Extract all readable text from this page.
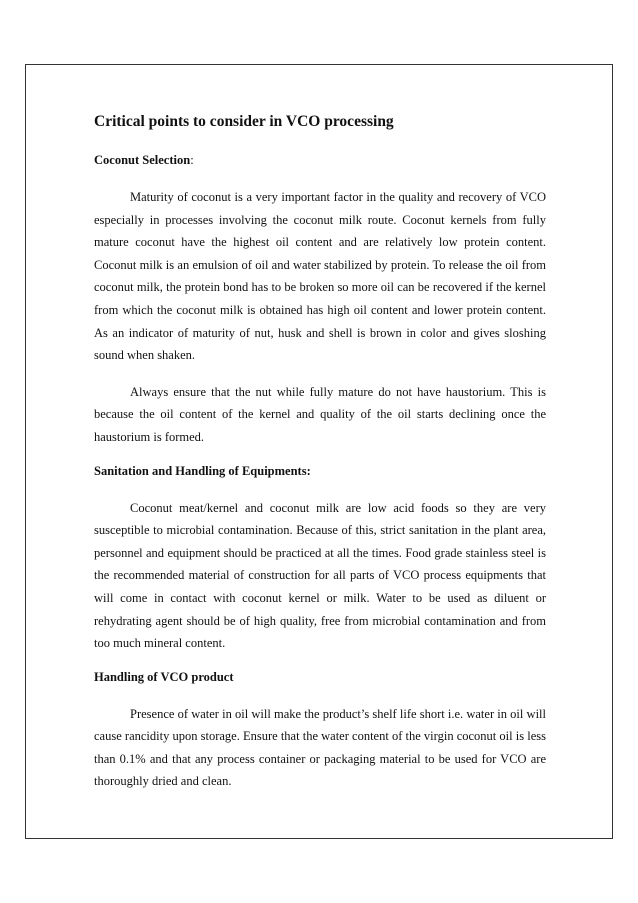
Critical points to consider in VCO processing

Coconut Selection:

Maturity of coconut is a very important factor in the quality and recovery of VCO especially in processes involving the coconut milk route. Coconut kernels from fully mature coconut have the highest oil content and are relatively low protein content. Coconut milk is an emulsion of oil and water stabilized by protein. To release the oil from coconut milk, the protein bond has to be broken so more oil can be recovered if the kernel from which the coconut milk is obtained has high oil content and lower protein content. As an indicator of maturity of nut, husk and shell is brown in color and gives sloshing sound when shaken.

Always ensure that the nut while fully mature do not have haustorium. This is because the oil content of the kernel and quality of the oil starts declining once the haustorium is formed.

Sanitation and Handling of Equipments:

Coconut meat/kernel and coconut milk are low acid foods so they are very susceptible to microbial contamination. Because of this, strict sanitation in the plant area, personnel and equipment should be practiced at all the times. Food grade stainless steel is the recommended material of construction for all parts of VCO process equipments that will come in contact with coconut kernel or milk. Water to be used as diluent or rehydrating agent should be of high quality, free from microbial contamination and from too much mineral content.

Handling of VCO product

Presence of water in oil will make the product’s shelf life short i.e. water in oil will cause rancidity upon storage. Ensure that the water content of the virgin coconut oil is less than 0.1% and that any process container or packaging material to be used for VCO are thoroughly dried and clean.
